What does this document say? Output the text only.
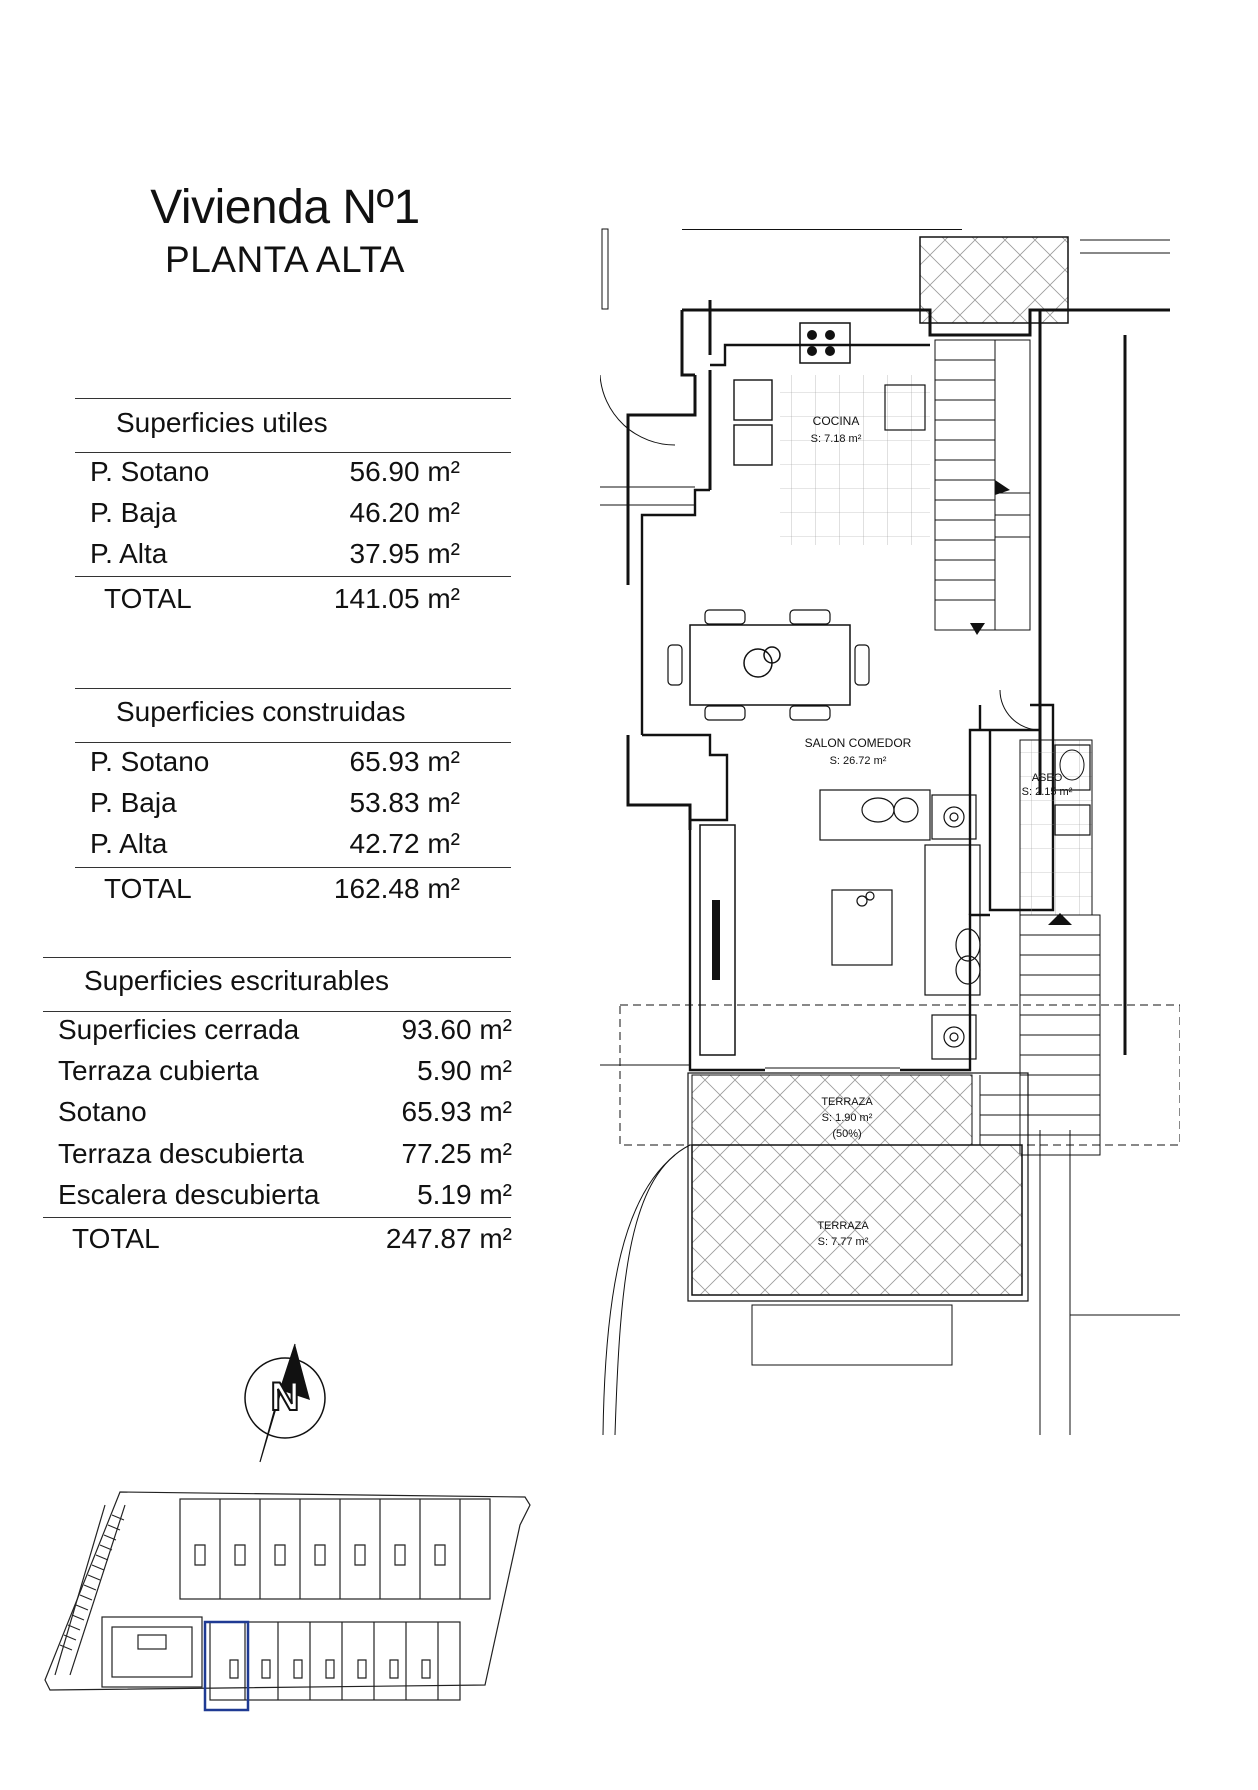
Vivienda Nº1
PLANTA ALTA
Superficies utiles
P. Sotano	56.90 m²
P. Baja	46.20 m²
P. Alta	37.95 m²
TOTAL	141.05 m²
Superficies construidas
P. Sotano	65.93 m²
P. Baja	53.83 m²
P. Alta	42.72 m²
TOTAL	162.48 m²
Superficies escriturables
Superficies cerrada	93.60 m²
Terraza cubierta	5.90 m²
Sotano	65.93 m²
Terraza descubierta	77.25 m²
Escalera descubierta	5.19 m²
TOTAL	247.87 m²
N
COCINA
S: 7.18 m²
SALON COMEDOR
S: 26.72 m²
ASEO
S: 2.15 m²
TERRAZA
S: 1.90 m²
(50%)
TERRAZA
S: 7.77 m²
